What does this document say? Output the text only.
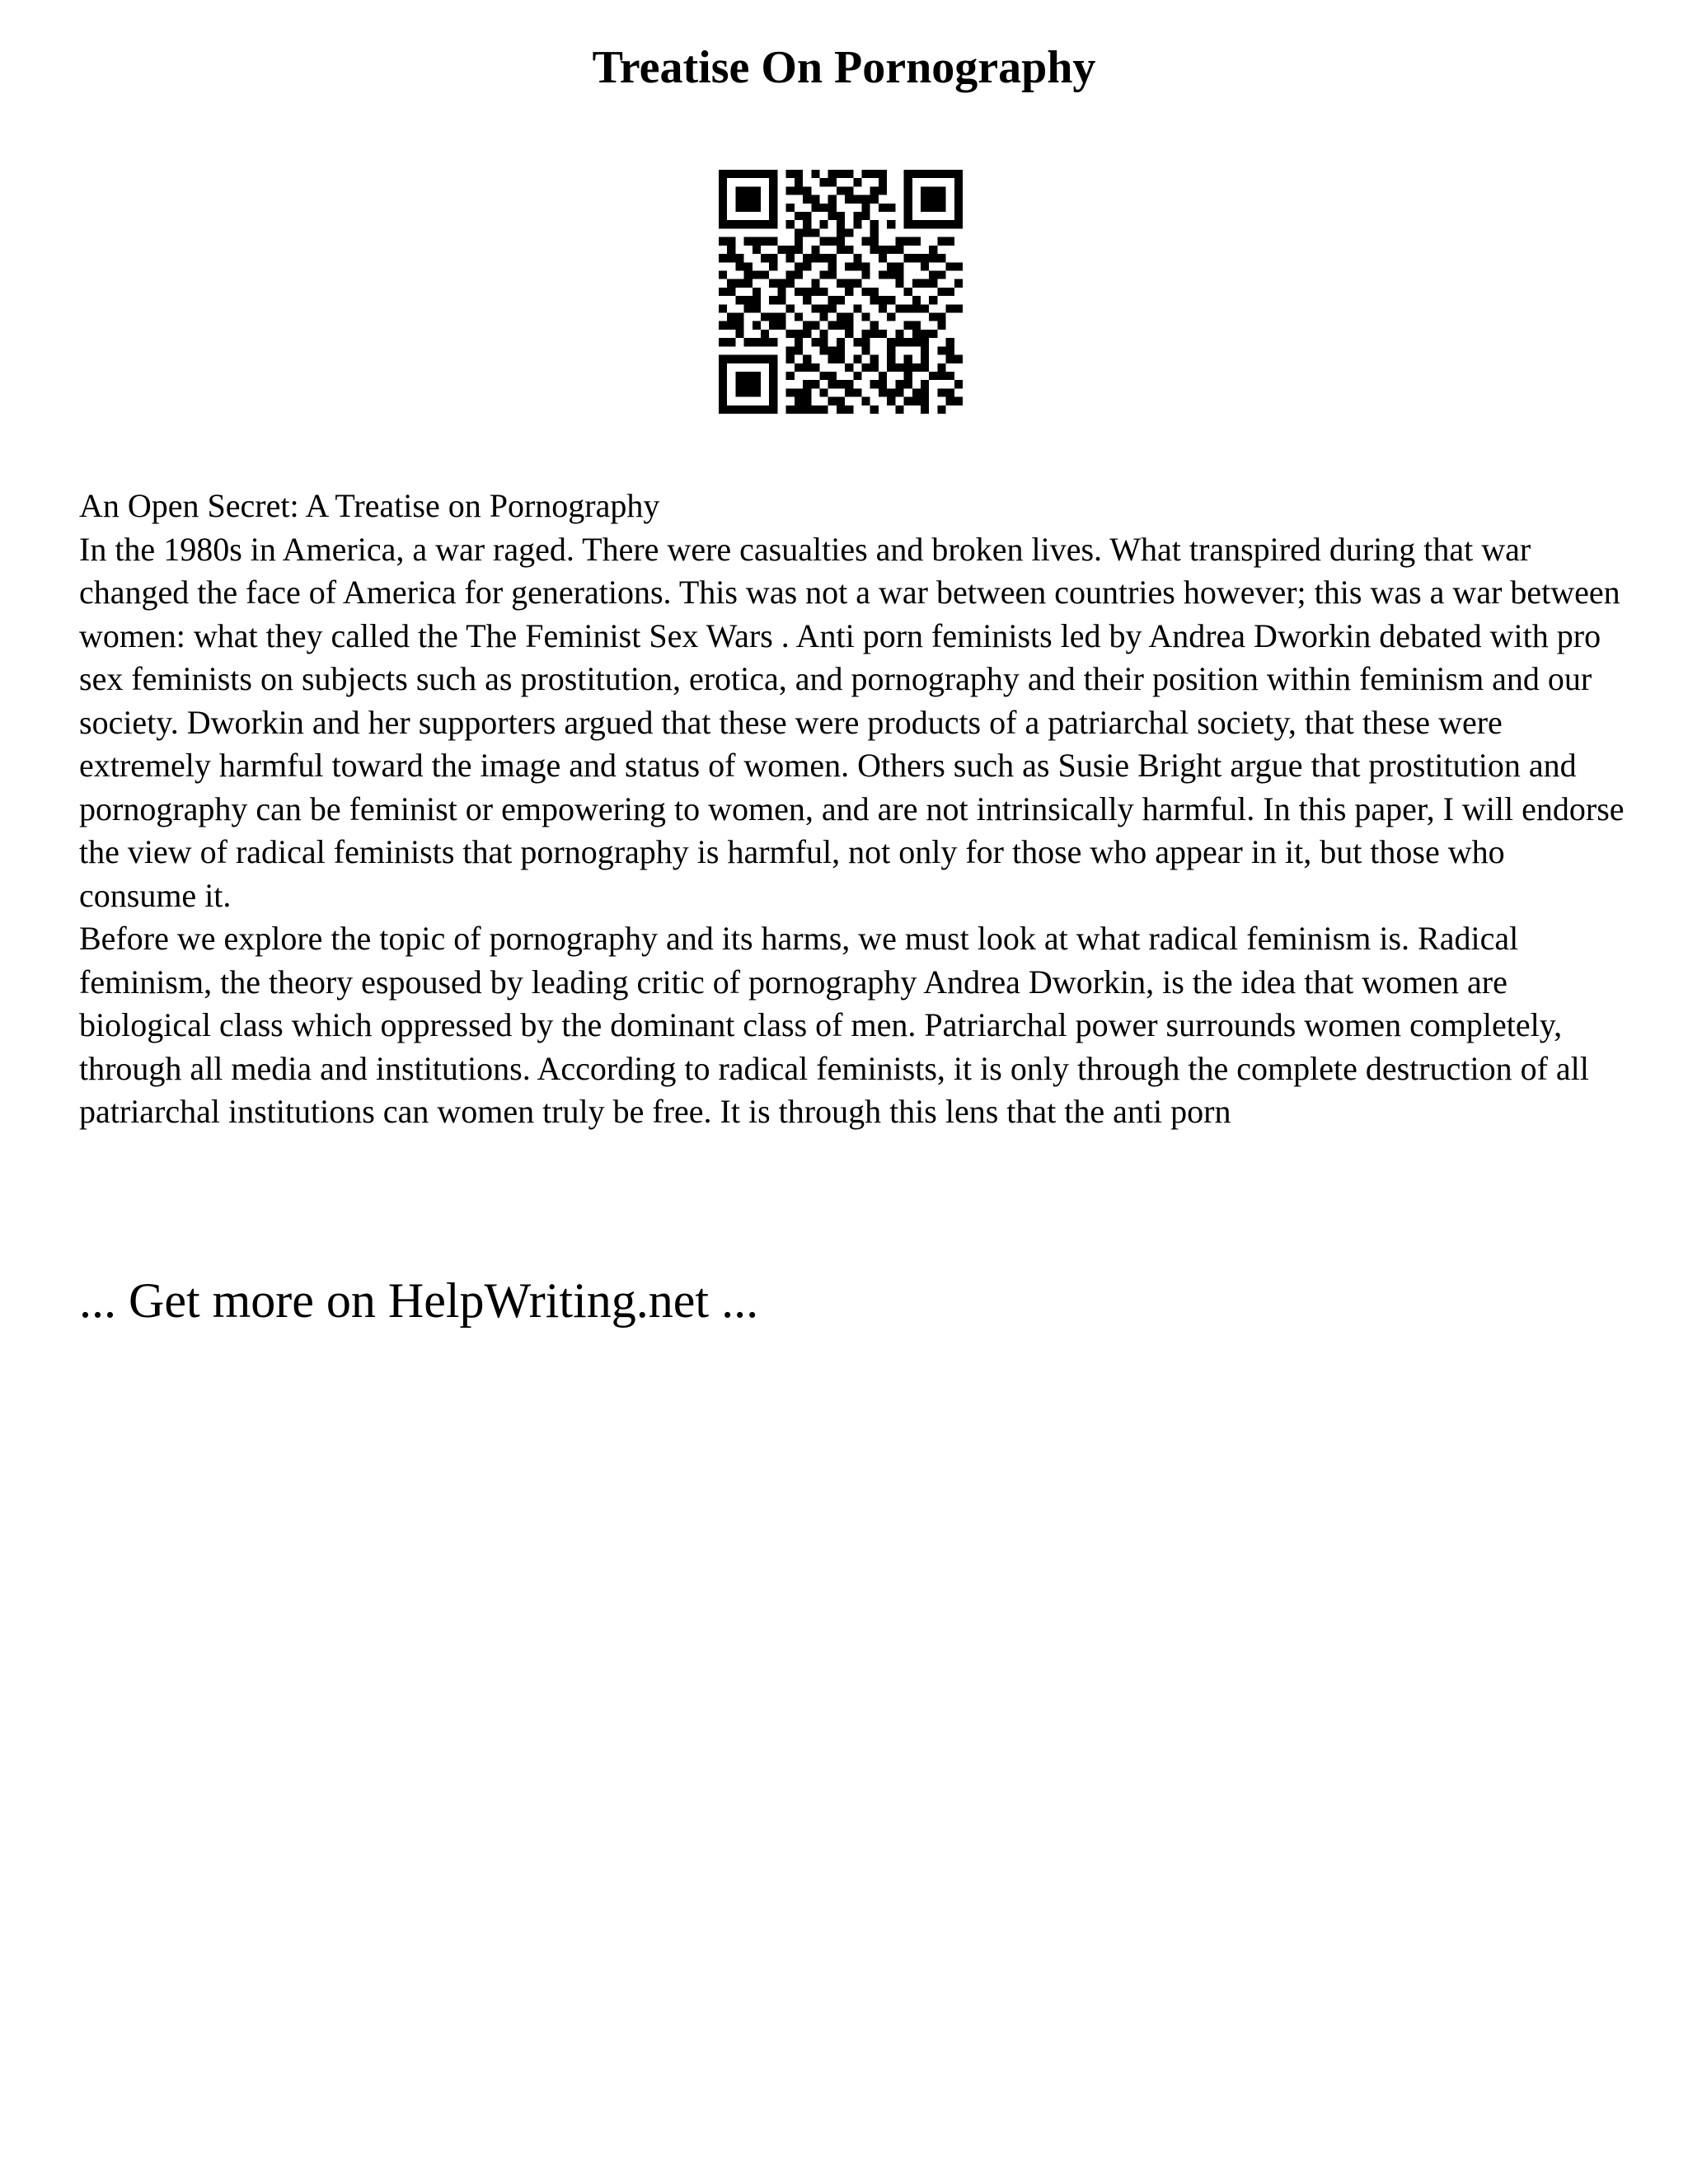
Treatise On Pornography

An Open Secret: A Treatise on Pornography

In the 1980s in America, a war raged. There were casualties and broken lives. What transpired during that war changed the face of America for generations. This was not a war between countries however; this was a war between women: what they called the The Feminist Sex Wars . Anti porn feminists led by Andrea Dworkin debated with pro sex feminists on subjects such as prostitution, erotica, and pornography and their position within feminism and our society. Dworkin and her supporters argued that these were products of a patriarchal society, that these were extremely harmful toward the image and status of women. Others such as Susie Bright argue that prostitution and pornography can be feminist or empowering to women, and are not intrinsically harmful. In this paper, I will endorse the view of radical feminists that pornography is harmful, not only for those who appear in it, but those who consume it.

Before we explore the topic of pornography and its harms, we must look at what radical feminism is. Radical feminism, the theory espoused by leading critic of pornography Andrea Dworkin, is the idea that women are biological class which oppressed by the dominant class of men. Patriarchal power surrounds women completely, through all media and institutions. According to radical feminists, it is only through the complete destruction of all patriarchal institutions can women truly be free. It is through this lens that the anti porn

... Get more on HelpWriting.net ...
